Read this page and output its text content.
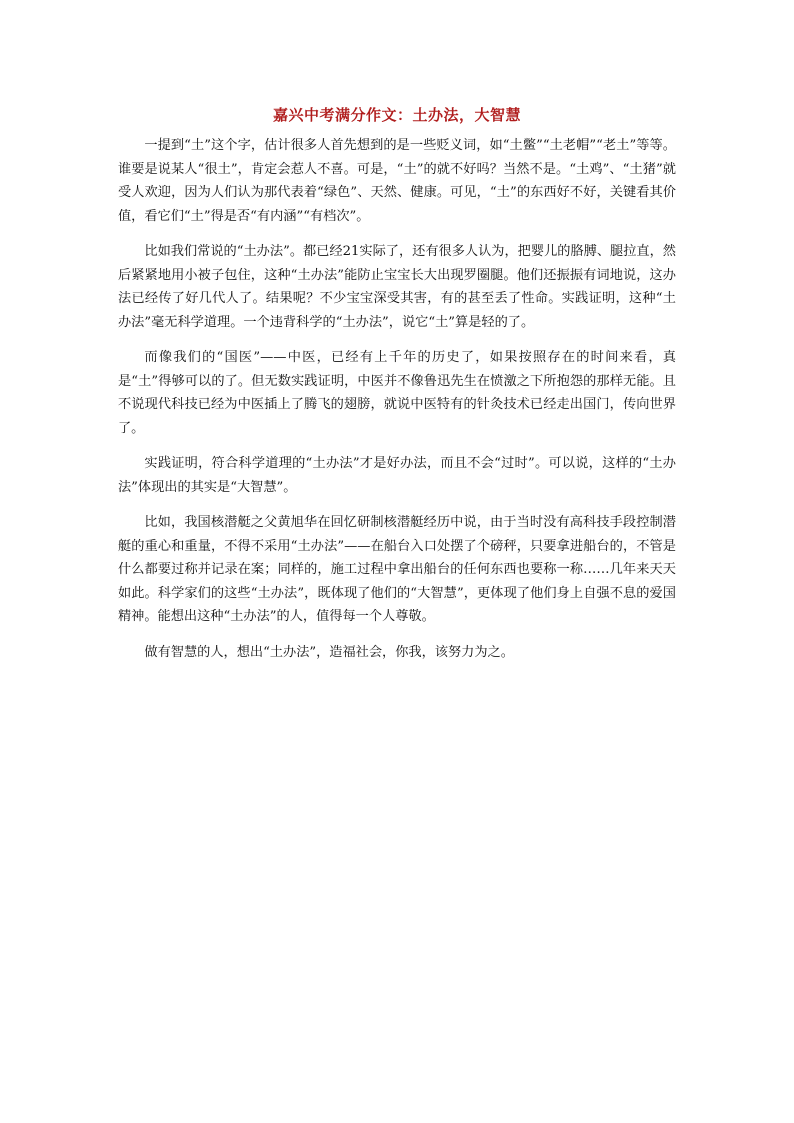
嘉兴中考满分作文：土办法，大智慧

一提到“土”这个字，估计很多人首先想到的是一些贬义词，如“土鳖”“土老帽”“老土”等等。谁要是说某人“很土”，肯定会惹人不喜。可是，“土”的就不好吗？当然不是。“土鸡”、“土猪”就受人欢迎，因为人们认为那代表着“绿色”、天然、健康。可见，“土”的东西好不好，关键看其价值，看它们“土”得是否“有内涵”“有档次”。

比如我们常说的“土办法”。都已经21实际了，还有很多人认为，把婴儿的胳膊、腿拉直，然后紧紧地用小被子包住，这种“土办法”能防止宝宝长大出现罗圈腿。他们还振振有词地说，这办法已经传了好几代人了。结果呢？不少宝宝深受其害，有的甚至丢了性命。实践证明，这种“土办法”毫无科学道理。一个违背科学的“土办法”，说它“土”算是轻的了。

而像我们的“国医”——中医，已经有上千年的历史了，如果按照存在的时间来看，真是“土”得够可以的了。但无数实践证明，中医并不像鲁迅先生在愤激之下所抱怨的那样无能。且不说现代科技已经为中医插上了腾飞的翅膀，就说中医特有的针灸技术已经走出国门，传向世界了。

实践证明，符合科学道理的“土办法”才是好办法，而且不会“过时”。可以说，这样的“土办法”体现出的其实是“大智慧”。

比如，我国核潜艇之父黄旭华在回忆研制核潜艇经历中说，由于当时没有高科技手段控制潜艇的重心和重量，不得不采用“土办法”——在船台入口处摆了个磅秤，只要拿进船台的，不管是什么都要过称并记录在案；同样的，施工过程中拿出船台的任何东西也要称一称……几年来天天如此。科学家们的这些“土办法”，既体现了他们的“大智慧”，更体现了他们身上自强不息的爱国精神。能想出这种“土办法”的人，值得每一个人尊敬。

做有智慧的人，想出“土办法”，造福社会，你我，该努力为之。
